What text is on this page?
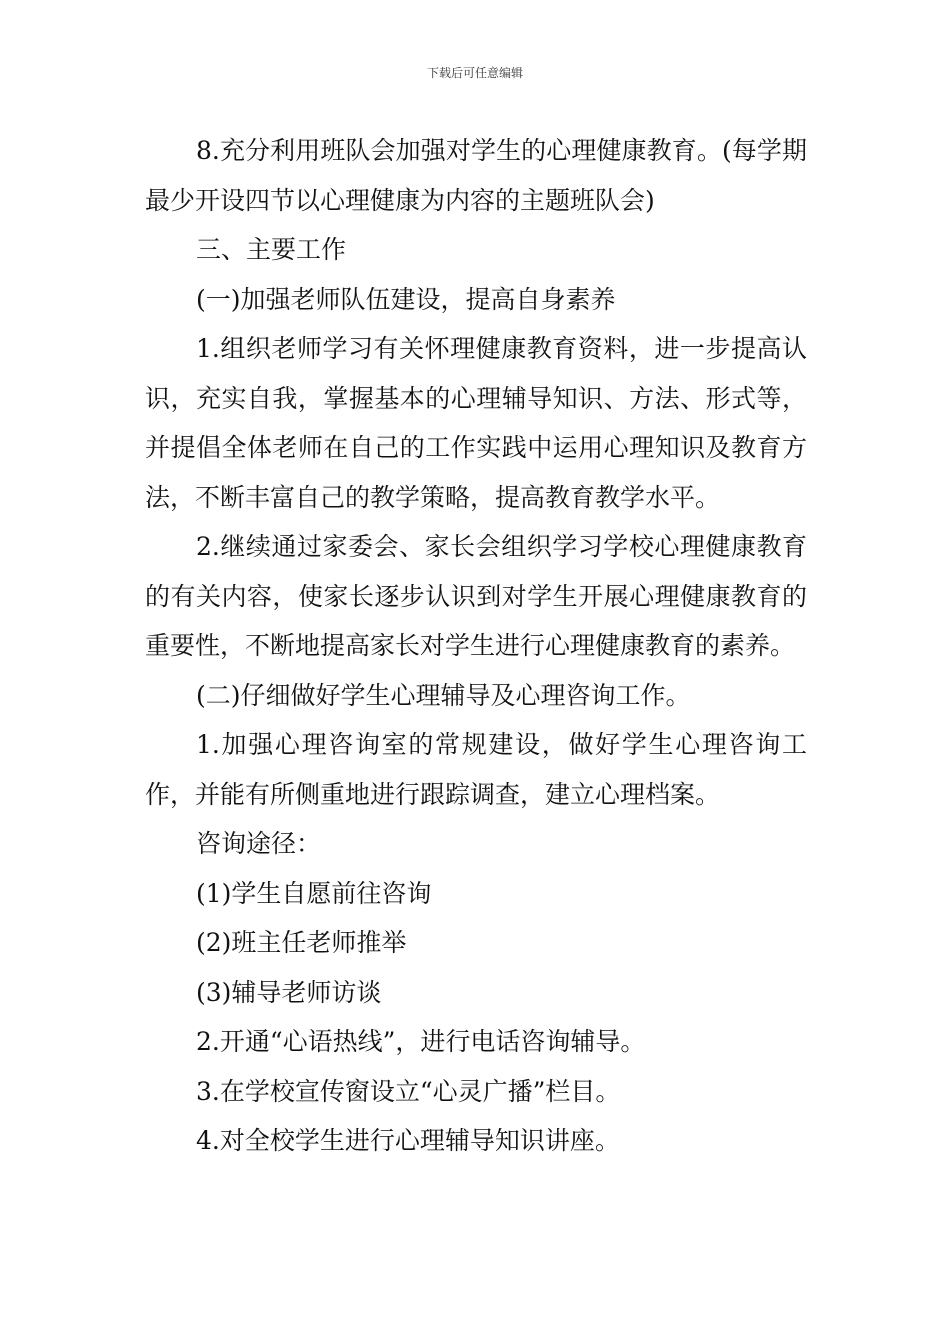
下载后可任意编辑

8.充分利用班队会加强对学生的心理健康教育。(每学期最少开设四节以心理健康为内容的主题班队会)

三、主要工作

(一)加强老师队伍建设，提高自身素养

1.组织老师学习有关怀理健康教育资料，进一步提高认识，充实自我，掌握基本的心理辅导知识、方法、形式等，并提倡全体老师在自己的工作实践中运用心理知识及教育方法，不断丰富自己的教学策略，提高教育教学水平。

2.继续通过家委会、家长会组织学习学校心理健康教育的有关内容，使家长逐步认识到对学生开展心理健康教育的重要性，不断地提高家长对学生进行心理健康教育的素养。

(二)仔细做好学生心理辅导及心理咨询工作。

1.加强心理咨询室的常规建设，做好学生心理咨询工作，并能有所侧重地进行跟踪调查，建立心理档案。

咨询途径：

(1)学生自愿前往咨询

(2)班主任老师推举

(3)辅导老师访谈

2.开通“心语热线”，进行电话咨询辅导。

3.在学校宣传窗设立“心灵广播”栏目。

4.对全校学生进行心理辅导知识讲座。
